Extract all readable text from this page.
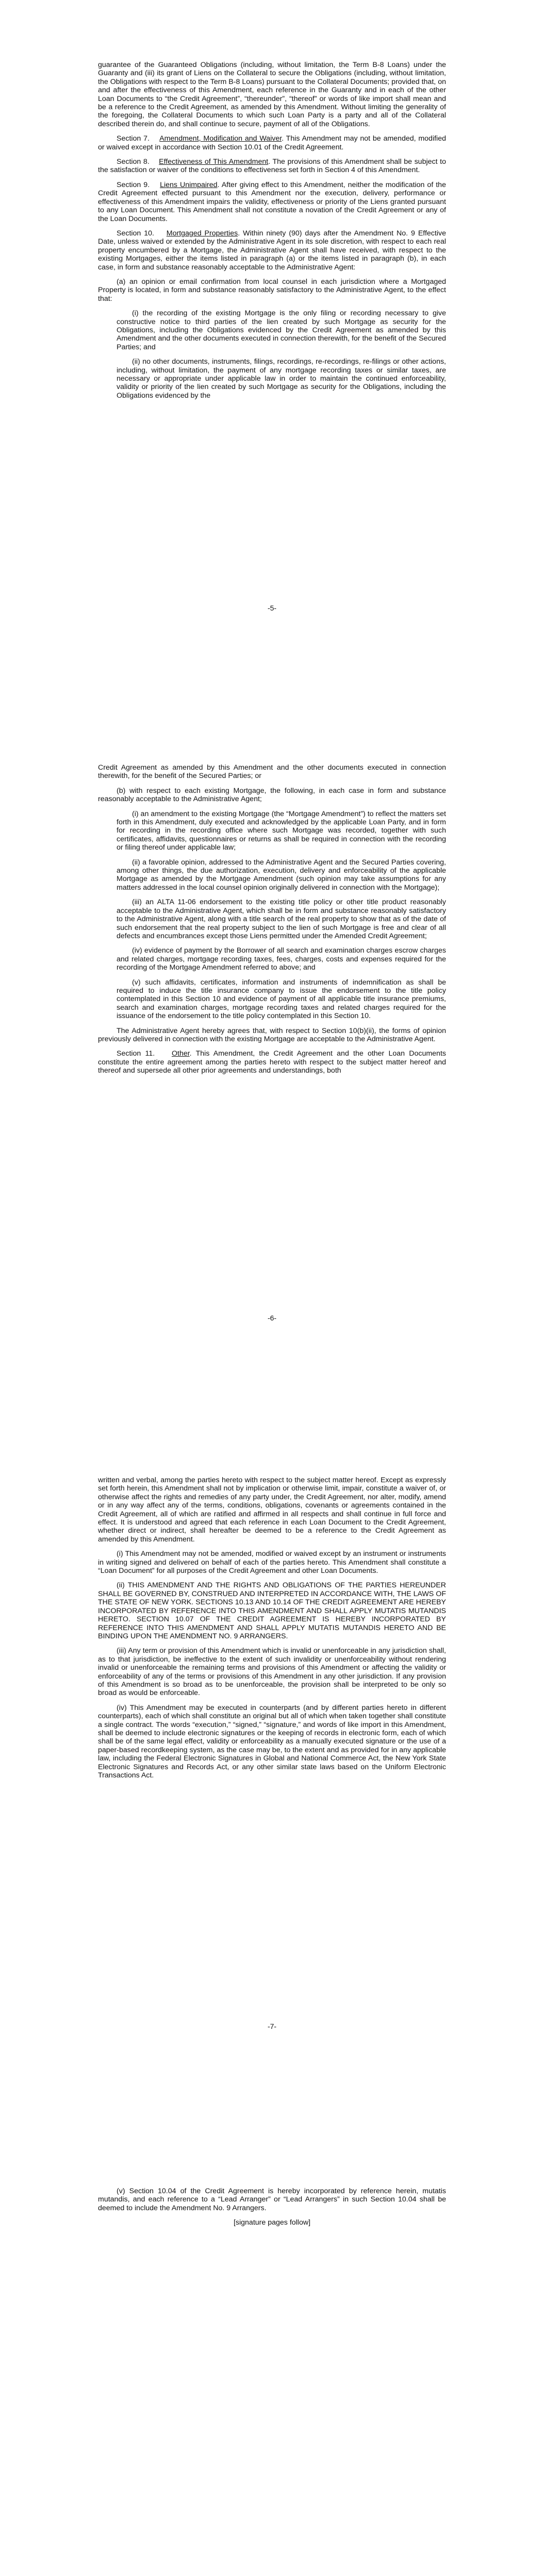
guarantee of the Guaranteed Obligations (including, without limitation, the Term B-8 Loans) under the Guaranty and (iii) its grant of Liens on the Collateral to secure the Obligations (including, without limitation, the Obligations with respect to the Term B-8 Loans) pursuant to the Collateral Documents; provided that, on and after the effectiveness of this Amendment, each reference in the Guaranty and in each of the other Loan Documents to “the Credit Agreement”, “thereunder”, “thereof” or words of like import shall mean and be a reference to the Credit Agreement, as amended by this Amendment. Without limiting the generality of the foregoing, the Collateral Documents to which such Loan Party is a party and all of the Collateral described therein do, and shall continue to secure, payment of all of the Obligations.

Section 7. Amendment, Modification and Waiver. This Amendment may not be amended, modified or waived except in accordance with Section 10.01 of the Credit Agreement.

Section 8. Effectiveness of This Amendment. The provisions of this Amendment shall be subject to the satisfaction or waiver of the conditions to effectiveness set forth in Section 4 of this Amendment.

Section 9. Liens Unimpaired. After giving effect to this Amendment, neither the modification of the Credit Agreement effected pursuant to this Amendment nor the execution, delivery, performance or effectiveness of this Amendment impairs the validity, effectiveness or priority of the Liens granted pursuant to any Loan Document. This Amendment shall not constitute a novation of the Credit Agreement or any of the Loan Documents.

Section 10. Mortgaged Properties. Within ninety (90) days after the Amendment No. 9 Effective Date, unless waived or extended by the Administrative Agent in its sole discretion, with respect to each real property encumbered by a Mortgage, the Administrative Agent shall have received, with respect to the existing Mortgages, either the items listed in paragraph (a) or the items listed in paragraph (b), in each case, in form and substance reasonably acceptable to the Administrative Agent:

(a) an opinion or email confirmation from local counsel in each jurisdiction where a Mortgaged Property is located, in form and substance reasonably satisfactory to the Administrative Agent, to the effect that:

(i) the recording of the existing Mortgage is the only filing or recording necessary to give constructive notice to third parties of the lien created by such Mortgage as security for the Obligations, including the Obligations evidenced by the Credit Agreement as amended by this Amendment and the other documents executed in connection therewith, for the benefit of the Secured Parties; and

(ii) no other documents, instruments, filings, recordings, re-recordings, re-filings or other actions, including, without limitation, the payment of any mortgage recording taxes or similar taxes, are necessary or appropriate under applicable law in order to maintain the continued enforceability, validity or priority of the lien created by such Mortgage as security for the Obligations, including the Obligations evidenced by the

-5-

Credit Agreement as amended by this Amendment and the other documents executed in connection therewith, for the benefit of the Secured Parties; or

(b) with respect to each existing Mortgage, the following, in each case in form and substance reasonably acceptable to the Administrative Agent;

(i) an amendment to the existing Mortgage (the “Mortgage Amendment”) to reflect the matters set forth in this Amendment, duly executed and acknowledged by the applicable Loan Party, and in form for recording in the recording office where such Mortgage was recorded, together with such certificates, affidavits, questionnaires or returns as shall be required in connection with the recording or filing thereof under applicable law;

(ii) a favorable opinion, addressed to the Administrative Agent and the Secured Parties covering, among other things, the due authorization, execution, delivery and enforceability of the applicable Mortgage as amended by the Mortgage Amendment (such opinion may take assumptions for any matters addressed in the local counsel opinion originally delivered in connection with the Mortgage);

(iii) an ALTA 11-06 endorsement to the existing title policy or other title product reasonably acceptable to the Administrative Agent, which shall be in form and substance reasonably satisfactory to the Administrative Agent, along with a title search of the real property to show that as of the date of such endorsement that the real property subject to the lien of such Mortgage is free and clear of all defects and encumbrances except those Liens permitted under the Amended Credit Agreement;

(iv) evidence of payment by the Borrower of all search and examination charges escrow charges and related charges, mortgage recording taxes, fees, charges, costs and expenses required for the recording of the Mortgage Amendment referred to above; and

(v) such affidavits, certificates, information and instruments of indemnification as shall be required to induce the title insurance company to issue the endorsement to the title policy contemplated in this Section 10 and evidence of payment of all applicable title insurance premiums, search and examination charges, mortgage recording taxes and related charges required for the issuance of the endorsement to the title policy contemplated in this Section 10.

The Administrative Agent hereby agrees that, with respect to Section 10(b)(ii), the forms of opinion previously delivered in connection with the existing Mortgage are acceptable to the Administrative Agent.

Section 11. Other. This Amendment, the Credit Agreement and the other Loan Documents constitute the entire agreement among the parties hereto with respect to the subject matter hereof and thereof and supersede all other prior agreements and understandings, both

-6-

written and verbal, among the parties hereto with respect to the subject matter hereof. Except as expressly set forth herein, this Amendment shall not by implication or otherwise limit, impair, constitute a waiver of, or otherwise affect the rights and remedies of any party under, the Credit Agreement, nor alter, modify, amend or in any way affect any of the terms, conditions, obligations, covenants or agreements contained in the Credit Agreement, all of which are ratified and affirmed in all respects and shall continue in full force and effect. It is understood and agreed that each reference in each Loan Document to the Credit Agreement, whether direct or indirect, shall hereafter be deemed to be a reference to the Credit Agreement as amended by this Amendment.

(i) This Amendment may not be amended, modified or waived except by an instrument or instruments in writing signed and delivered on behalf of each of the parties hereto. This Amendment shall constitute a “Loan Document” for all purposes of the Credit Agreement and other Loan Documents.

(ii) THIS AMENDMENT AND THE RIGHTS AND OBLIGATIONS OF THE PARTIES HEREUNDER SHALL BE GOVERNED BY, CONSTRUED AND INTERPRETED IN ACCORDANCE WITH, THE LAWS OF THE STATE OF NEW YORK. SECTIONS 10.13 AND 10.14 OF THE CREDIT AGREEMENT ARE HEREBY INCORPORATED BY REFERENCE INTO THIS AMENDMENT AND SHALL APPLY MUTATIS MUTANDIS HERETO. SECTION 10.07 OF THE CREDIT AGREEMENT IS HEREBY INCORPORATED BY REFERENCE INTO THIS AMENDMENT AND SHALL APPLY MUTATIS MUTANDIS HERETO AND BE BINDING UPON THE AMENDMENT NO. 9 ARRANGERS.

(iii) Any term or provision of this Amendment which is invalid or unenforceable in any jurisdiction shall, as to that jurisdiction, be ineffective to the extent of such invalidity or unenforceability without rendering invalid or unenforceable the remaining terms and provisions of this Amendment or affecting the validity or enforceability of any of the terms or provisions of this Amendment in any other jurisdiction. If any provision of this Amendment is so broad as to be unenforceable, the provision shall be interpreted to be only so broad as would be enforceable.

(iv) This Amendment may be executed in counterparts (and by different parties hereto in different counterparts), each of which shall constitute an original but all of which when taken together shall constitute a single contract. The words “execution,” “signed,” “signature,” and words of like import in this Amendment, shall be deemed to include electronic signatures or the keeping of records in electronic form, each of which shall be of the same legal effect, validity or enforceability as a manually executed signature or the use of a paper-based recordkeeping system, as the case may be, to the extent and as provided for in any applicable law, including the Federal Electronic Signatures in Global and National Commerce Act, the New York State Electronic Signatures and Records Act, or any other similar state laws based on the Uniform Electronic Transactions Act.

-7-

(v) Section 10.04 of the Credit Agreement is hereby incorporated by reference herein, mutatis mutandis, and each reference to a “Lead Arranger” or “Lead Arrangers” in such Section 10.04 shall be deemed to include the Amendment No. 9 Arrangers.

[signature pages follow]
